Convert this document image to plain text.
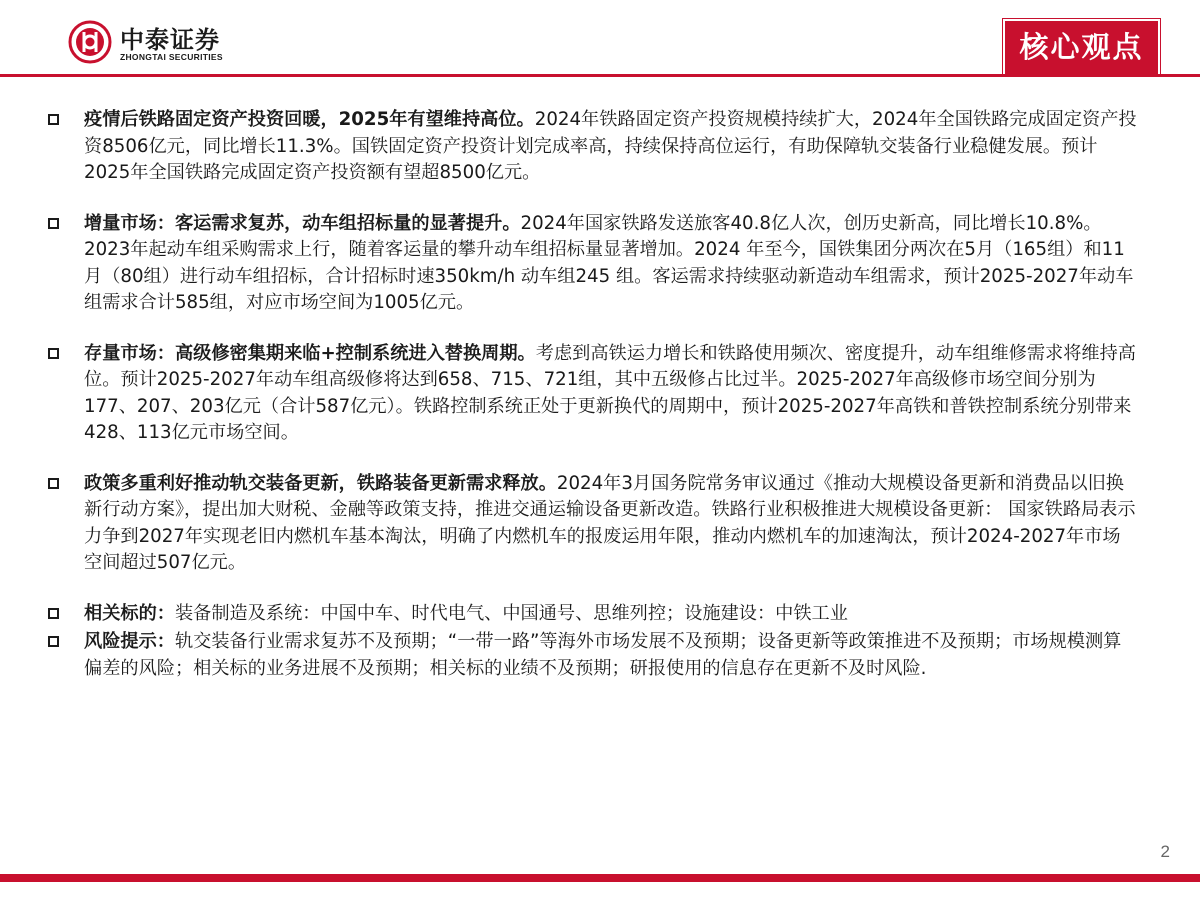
中泰证券
ZHONGTAI SECURITIES	核心观点
疫情后铁路固定资产投资回暖，2025年有望维持高位。2024年铁路固定资产投资规模持续扩大，2024年全国铁路完成固定资产投资8506亿元，同比增长11.3%。国铁固定资产投资计划完成率高，持续保持高位运行，有助保障轨交装备行业稳健发展。预计2025年全国铁路完成固定资产投资额有望超8500亿元。
增量市场：客运需求复苏，动车组招标量的显著提升。2024年国家铁路发送旅客40.8亿人次，创历史新高，同比增长10.8%。2023年起动车组采购需求上行，随着客运量的攀升动车组招标量显著增加。2024 年至今，国铁集团分两次在5月（165组）和11月（80组）进行动车组招标，合计招标时速350km/h 动车组245 组。客运需求持续驱动新造动车组需求，预计2025-2027年动车组需求合计585组，对应市场空间为1005亿元。
存量市场：高级修密集期来临+控制系统进入替换周期。考虑到高铁运力增长和铁路使用频次、密度提升，动车组维修需求将维持高位。预计2025-2027年动车组高级修将达到658、715、721组，其中五级修占比过半。2025-2027年高级修市场空间分别为177、207、203亿元（合计587亿元）。铁路控制系统正处于更新换代的周期中，预计2025-2027年高铁和普铁控制系统分别带来428、113亿元市场空间。
政策多重利好推动轨交装备更新，铁路装备更新需求释放。2024年3月国务院常务审议通过《推动大规模设备更新和消费品以旧换新行动方案》，提出加大财税、金融等政策支持，推进交通运输设备更新改造。铁路行业积极推进大规模设备更新： 国家铁路局表示力争到2027年实现老旧内燃机车基本淘汰，明确了内燃机车的报废运用年限，推动内燃机车的加速淘汰，预计2024-2027年市场空间超过507亿元。
相关标的：装备制造及系统：中国中车、时代电气、中国通号、思维列控；设施建设：中铁工业
风险提示：轨交装备行业需求复苏不及预期；“一带一路”等海外市场发展不及预期；设备更新等政策推进不及预期；市场规模测算偏差的风险；相关标的业务进展不及预期；相关标的业绩不及预期；研报使用的信息存在更新不及时风险.
2
